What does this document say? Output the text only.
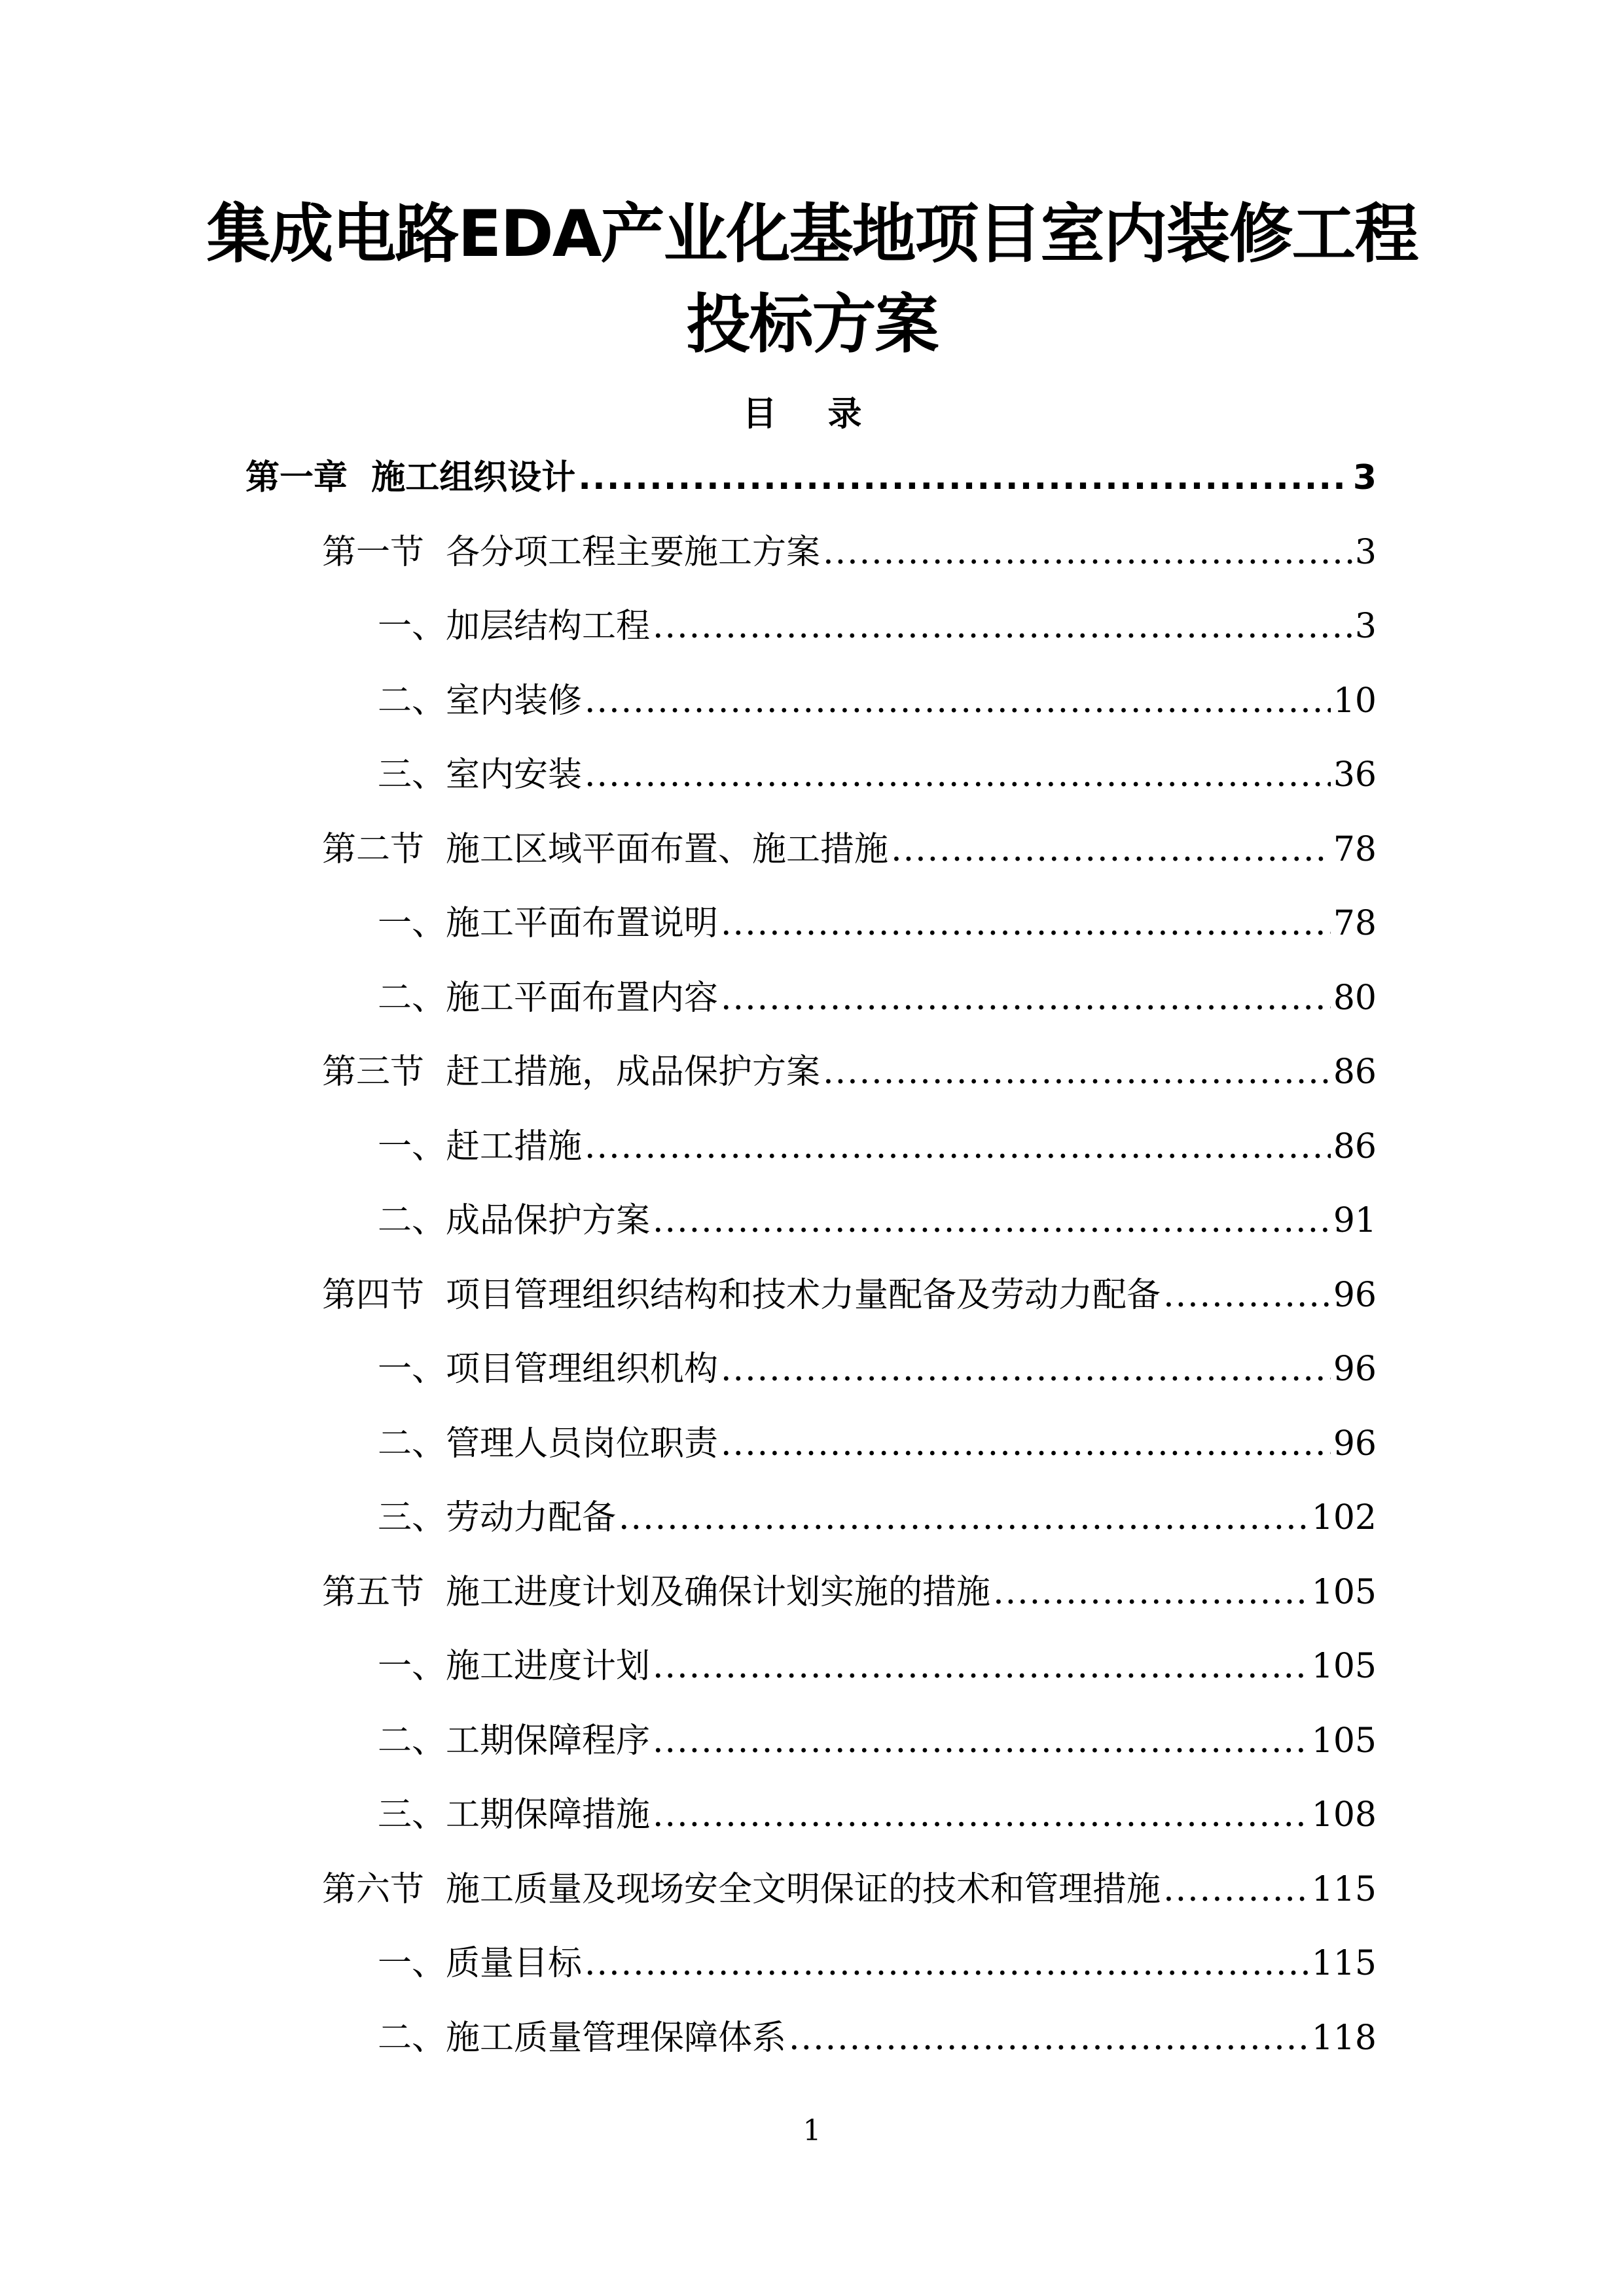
集成电路EDA产业化基地项目室内装修工程
投标方案
目 录
第一章  施工组织设计 .....	3
第一节  各分项工程主要施工方案 .....	3
一、加层结构工程 .....	3
二、室内装修 .....	10
三、室内安装 .....	36
第二节  施工区域平面布置、施工措施 .....	78
一、施工平面布置说明 .....	78
二、施工平面布置内容 .....	80
第三节  赶工措施，成品保护方案 .....	86
一、赶工措施 .....	86
二、成品保护方案 .....	91
第四节  项目管理组织结构和技术力量配备及劳动力配备 .....	96
一、项目管理组织机构 .....	96
二、管理人员岗位职责 .....	96
三、劳动力配备 .....	102
第五节  施工进度计划及确保计划实施的措施 .....	105
一、施工进度计划 .....	105
二、工期保障程序 .....	105
三、工期保障措施 .....	108
第六节  施工质量及现场安全文明保证的技术和管理措施 .....	115
一、质量目标 .....	115
二、施工质量管理保障体系 .....	118
1
